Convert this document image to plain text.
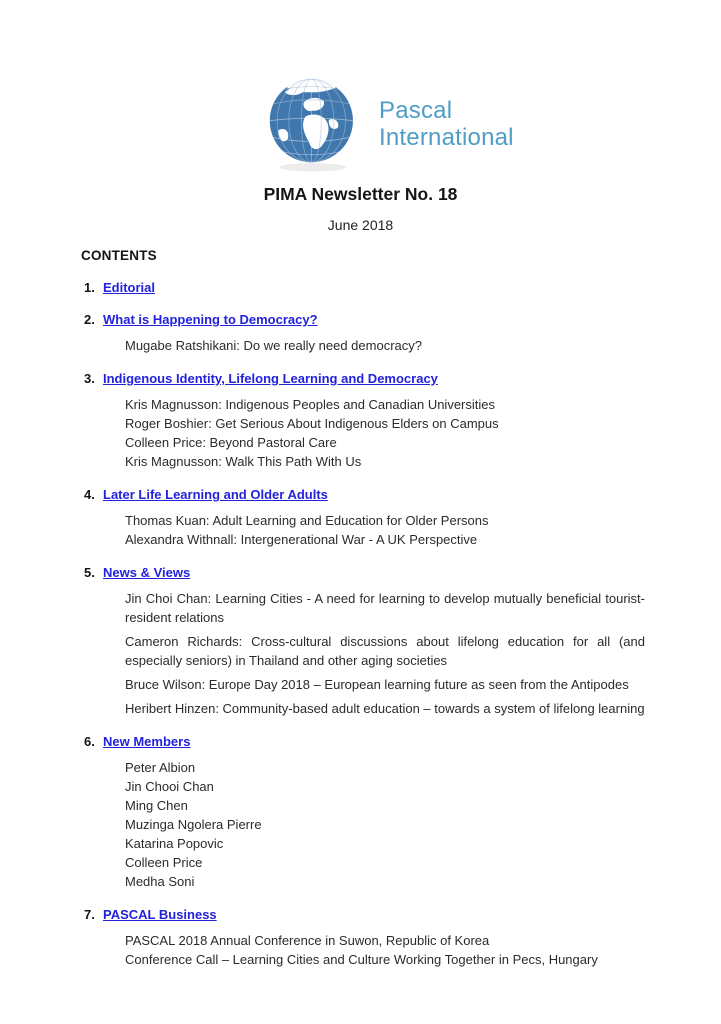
Pascal
International
PIMA Newsletter No. 18
June 2018
CONTENTS
1. Editorial
2. What is Happening to Democracy?
Mugabe Ratshikani: Do we really need democracy?
3. Indigenous Identity, Lifelong Learning and Democracy
Kris Magnusson: Indigenous Peoples and Canadian Universities
Roger Boshier: Get Serious About Indigenous Elders on Campus
Colleen Price: Beyond Pastoral Care
Kris Magnusson: Walk This Path With Us
4. Later Life Learning and Older Adults
Thomas Kuan: Adult Learning and Education for Older Persons
Alexandra Withnall: Intergenerational War - A UK Perspective
5. News & Views
Jin Choi Chan: Learning Cities - A need for learning to develop mutually beneficial tourist-resident relations
Cameron Richards: Cross-cultural discussions about lifelong education for all (and especially seniors) in Thailand and other aging societies
Bruce Wilson: Europe Day 2018 – European learning future as seen from the Antipodes
Heribert Hinzen: Community-based adult education – towards a system of lifelong learning
6. New Members
Peter Albion
Jin Chooi Chan
Ming Chen
Muzinga Ngolera Pierre
Katarina Popovic
Colleen Price
Medha Soni
7. PASCAL Business
PASCAL 2018 Annual Conference in Suwon, Republic of Korea
Conference Call – Learning Cities and Culture Working Together in Pecs, Hungary
